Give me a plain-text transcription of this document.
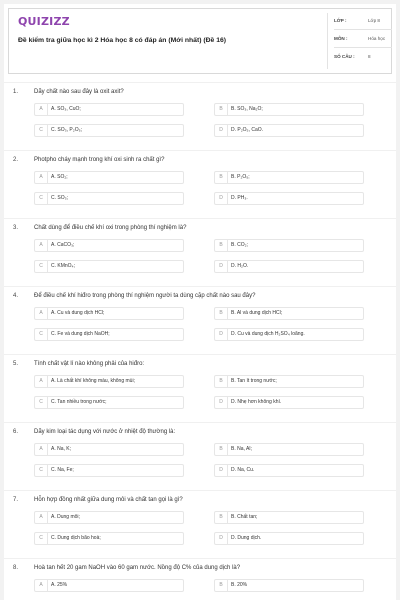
QUIZIZZ
Đề kiểm tra giữa học kì 2 Hóa học 8 có đáp án (Mới nhất) (Đề 16)
LỚP :	Lớp 8
MÔN :	Hóa học
SỐ CÂU :	8
1.	Dãy chất nào sau đây là oxit axit?
A	A. SO₃, CuO;	B	B. SO₃, Na₂O;
C	C. SO₃, P₂O₅;	D	D. P₂O₅, CaO.
2.	Photpho cháy mạnh trong khí oxi sinh ra chất gì?
A	A. SO₂;	B	B. P₂O₅;
C	C. SO₃;	D	D. PH₃.
3.	Chất dùng để điều chế khí oxi trong phòng thí nghiệm là?
A	A. CaCO₃;	B	B. CO₂;
C	C. KMnO₄;	D	D. H₂O.
4.	Để điều chế khí hiđro trong phòng thí nghiệm người ta dùng cặp chất nào sau đây?
A	A. Cu và dung dịch HCl;	B	B. Al và dung dịch HCl;
C	C. Fe và dung dịch NaOH;	D	D. Cu và dung dịch H₂SO₄ loãng.
5.	Tính chất vật lí nào không phải của hiđro:
A	A. Là chất khí không màu, không mùi;	B	B. Tan ít trong nước;
C	C. Tan nhiều trong nước;	D	D. Nhẹ hơn không khí.
6.	Dãy kim loại tác dụng với nước ở nhiệt độ thường là:
A	A. Na, K;	B	B. Na, Al;
C	C. Na, Fe;	D	D. Na, Cu.
7.	Hỗn hợp đồng nhất giữa dung môi và chất tan gọi là gì?
A	A. Dung môi;	B	B. Chất tan;
C	C. Dung dịch bão hoà;	D	D. Dung dịch.
8.	Hoà tan hết 20 gam NaOH vào 60 gam nước. Nồng độ C% của dung dịch là?
A	A. 25%	B	B. 20%
